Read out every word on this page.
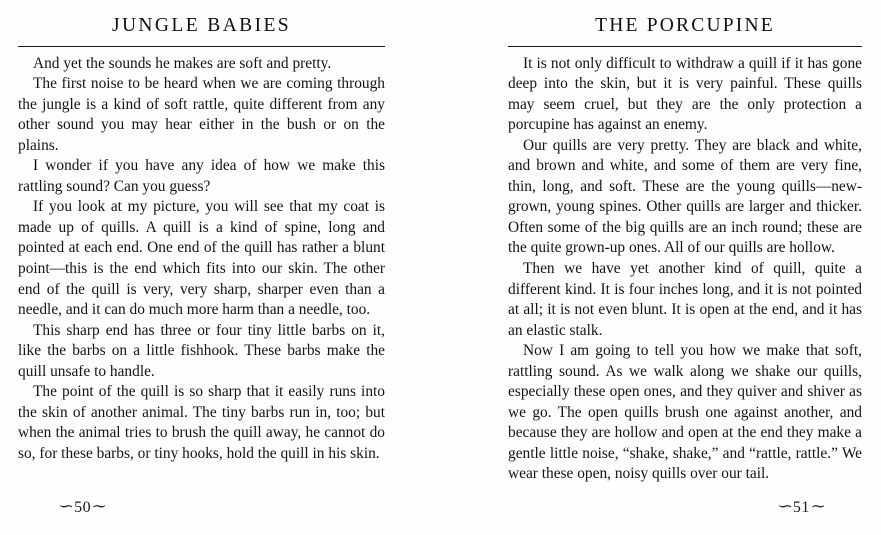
JUNGLE BABIES

And yet the sounds he makes are soft and pretty.

The first noise to be heard when we are coming through the jungle is a kind of soft rattle, quite different from any other sound you may hear either in the bush or on the plains.

I wonder if you have any idea of how we make this rattling sound? Can you guess?

If you look at my picture, you will see that my coat is made up of quills. A quill is a kind of spine, long and pointed at each end. One end of the quill has rather a blunt point—this is the end which fits into our skin. The other end of the quill is very, very sharp, sharper even than a needle, and it can do much more harm than a needle, too.

This sharp end has three or four tiny little barbs on it, like the barbs on a little fishhook. These barbs make the quill unsafe to handle.

The point of the quill is so sharp that it easily runs into the skin of another animal. The tiny barbs run in, too; but when the animal tries to brush the quill away, he cannot do so, for these barbs, or tiny hooks, hold the quill in his skin.

∽50∼
THE PORCUPINE

It is not only difficult to withdraw a quill if it has gone deep into the skin, but it is very painful. These quills may seem cruel, but they are the only protection a porcupine has against an enemy.

Our quills are very pretty. They are black and white, and brown and white, and some of them are very fine, thin, long, and soft. These are the young quills—new-grown, young spines. Other quills are larger and thicker. Often some of the big quills are an inch round; these are the quite grown-up ones. All of our quills are hollow.

Then we have yet another kind of quill, quite a different kind. It is four inches long, and it is not pointed at all; it is not even blunt. It is open at the end, and it has an elastic stalk.

Now I am going to tell you how we make that soft, rattling sound. As we walk along we shake our quills, especially these open ones, and they quiver and shiver as we go. The open quills brush one against another, and because they are hollow and open at the end they make a gentle little noise, “shake, shake,” and “rattle, rattle.” We wear these open, noisy quills over our tail.

∽51∼
